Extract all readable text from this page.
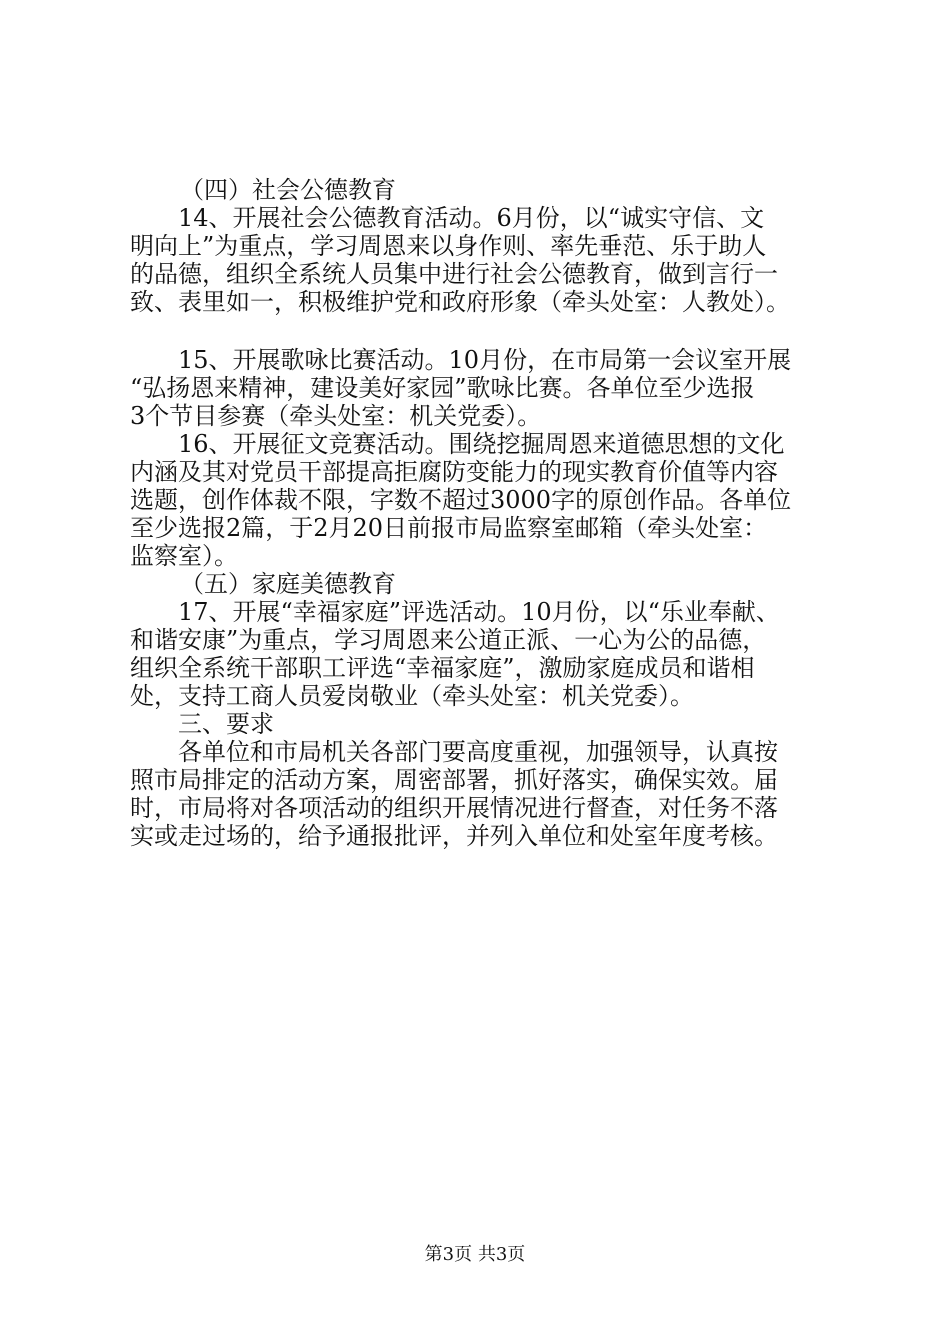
（四）社会公德教育
14、开展社会公德教育活动。6月份，以“诚实守信、文
明向上”为重点，学习周恩来以身作则、率先垂范、乐于助人
的品德，组织全系统人员集中进行社会公德教育，做到言行一
致、表里如一，积极维护党和政府形象（牵头处室：人教处）。
15、开展歌咏比赛活动。10月份，在市局第一会议室开展
“弘扬恩来精神，建设美好家园”歌咏比赛。各单位至少选报
3个节目参赛（牵头处室：机关党委）。
16、开展征文竞赛活动。围绕挖掘周恩来道德思想的文化
内涵及其对党员干部提高拒腐防变能力的现实教育价值等内容
选题，创作体裁不限，字数不超过3000字的原创作品。各单位
至少选报2篇，于2月20日前报市局监察室邮箱（牵头处室：
监察室）。
（五）家庭美德教育
17、开展“幸福家庭”评选活动。10月份，以“乐业奉献、
和谐安康”为重点，学习周恩来公道正派、一心为公的品德，
组织全系统干部职工评选“幸福家庭”，激励家庭成员和谐相
处，支持工商人员爱岗敬业（牵头处室：机关党委）。
三、要求
各单位和市局机关各部门要高度重视，加强领导，认真按
照市局排定的活动方案，周密部署，抓好落实，确保实效。届
时，市局将对各项活动的组织开展情况进行督查，对任务不落
实或走过场的，给予通报批评，并列入单位和处室年度考核。
第3页 共3页
